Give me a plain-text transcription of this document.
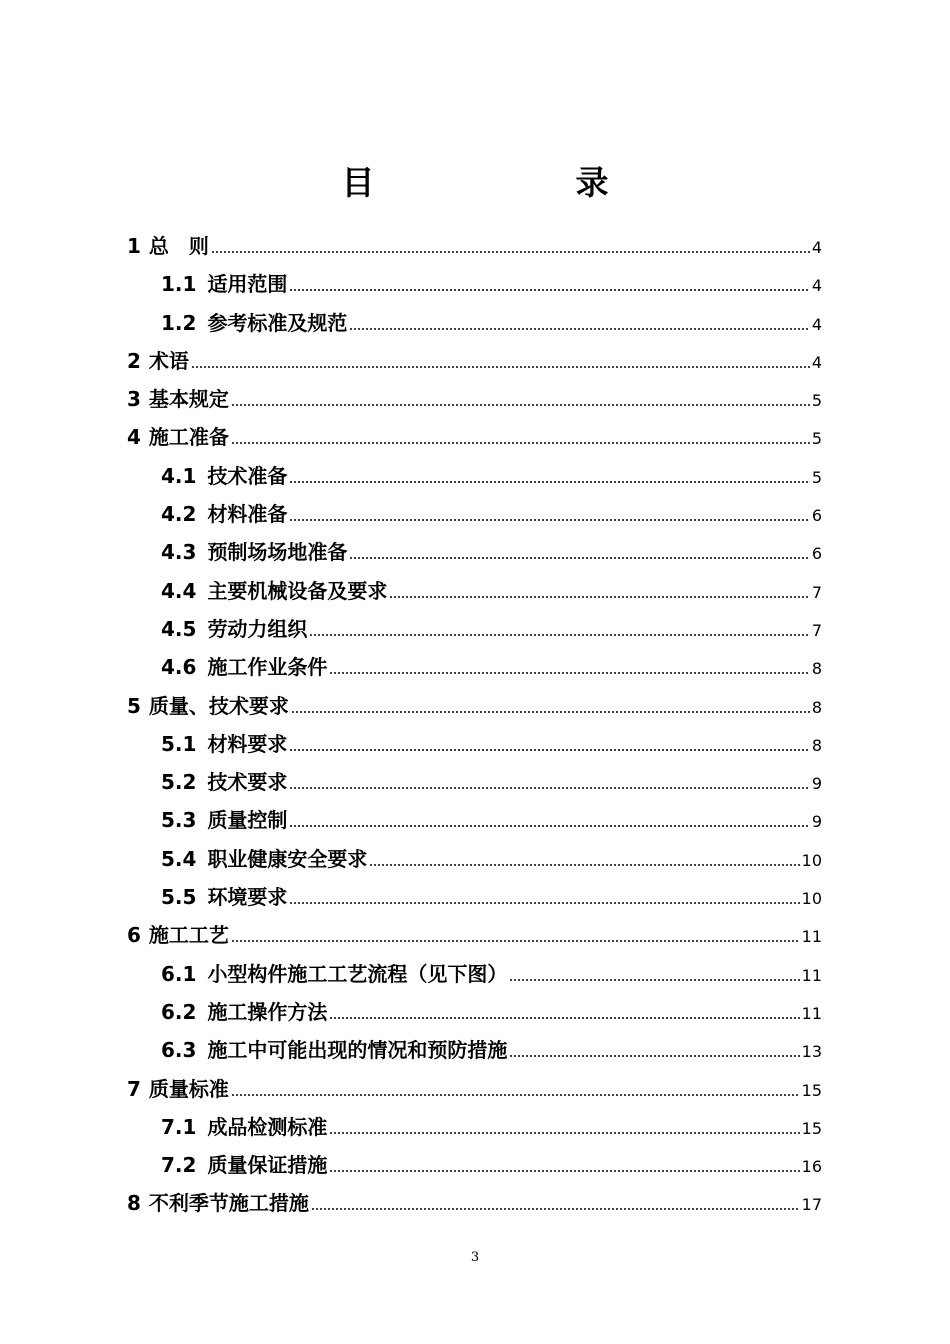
目　录
1 总　则	4
1.1 适用范围	4
1.2 参考标准及规范	4
2 术语	4
3 基本规定	5
4 施工准备	5
4.1 技术准备	5
4.2 材料准备	6
4.3 预制场场地准备	6
4.4 主要机械设备及要求	7
4.5 劳动力组织	7
4.6 施工作业条件	8
5 质量、技术要求	8
5.1 材料要求	8
5.2 技术要求	9
5.3 质量控制	9
5.4 职业健康安全要求	10
5.5 环境要求	10
6 施工工艺	11
6.1 小型构件施工工艺流程（见下图）	11
6.2 施工操作方法	11
6.3 施工中可能出现的情况和预防措施	13
7 质量标准	15
7.1 成品检测标准	15
7.2 质量保证措施	16
8 不利季节施工措施	17
3
